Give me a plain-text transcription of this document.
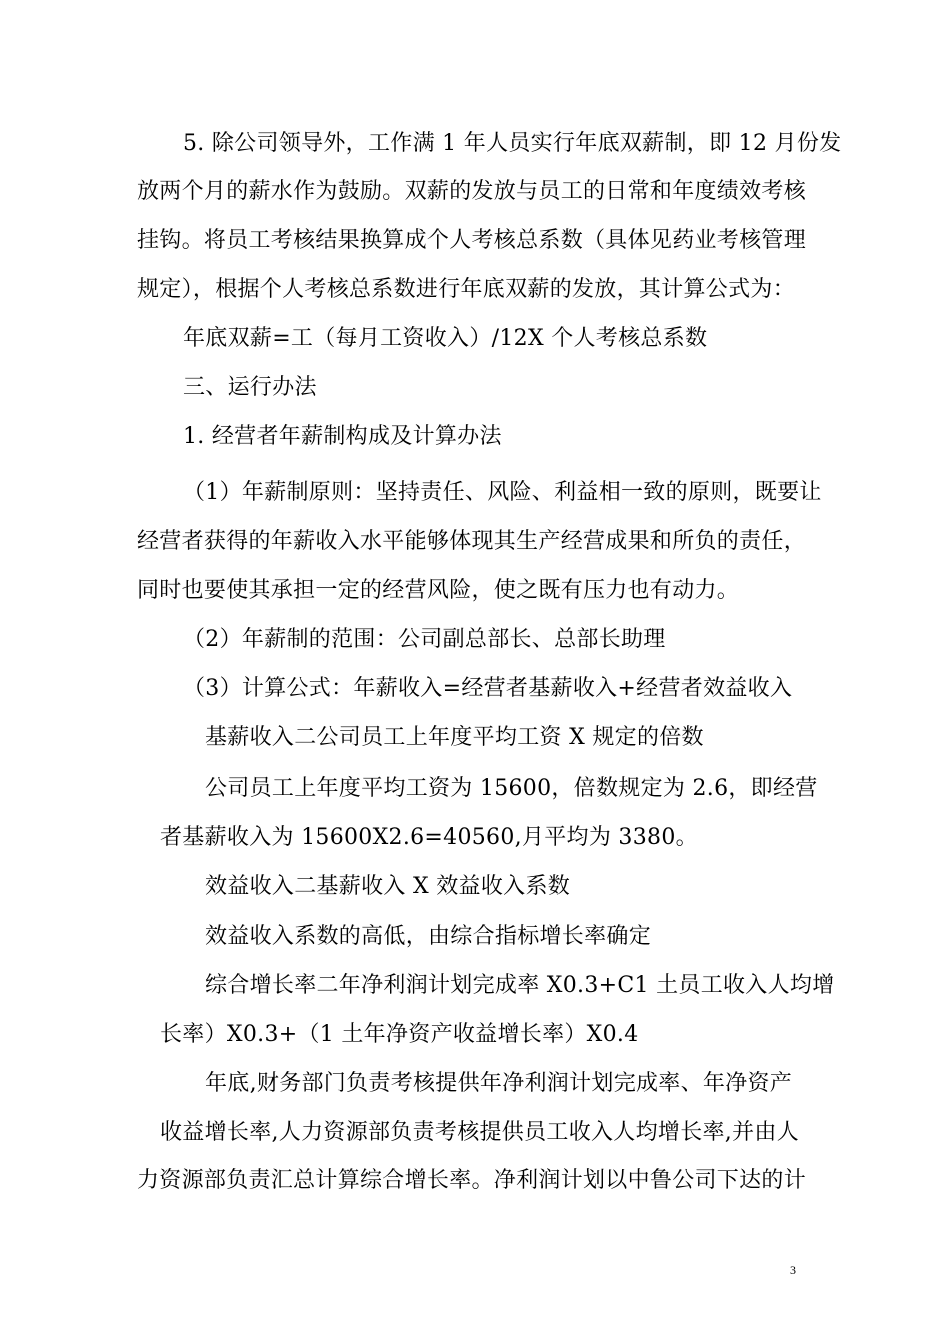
5. 除公司领导外，工作满 1 年人员实行年底双薪制，即 12 月份发
放两个月的薪水作为鼓励。双薪的发放与员工的日常和年度绩效考核
挂钩。将员工考核结果换算成个人考核总系数（具体见药业考核管理
规定），根据个人考核总系数进行年底双薪的发放，其计算公式为：
年底双薪=工（每月工资收入）/12X 个人考核总系数
三、运行办法
1. 经营者年薪制构成及计算办法
（1）年薪制原则：坚持责任、风险、利益相一致的原则，既要让
经营者获得的年薪收入水平能够体现其生产经营成果和所负的责任，
同时也要使其承担一定的经营风险，使之既有压力也有动力。
（2）年薪制的范围：公司副总部长、总部长助理
（3）计算公式：年薪收入=经营者基薪收入+经营者效益收入
基薪收入二公司员工上年度平均工资 X 规定的倍数
公司员工上年度平均工资为 15600，倍数规定为 2.6，即经营
者基薪收入为 15600X2.6=40560,月平均为 3380。
效益收入二基薪收入 X 效益收入系数
效益收入系数的高低，由综合指标增长率确定
综合增长率二年净利润计划完成率 X0.3+C1 土员工收入人均增
长率）X0.3+（1 土年净资产收益增长率）X0.4
年底,财务部门负责考核提供年净利润计划完成率、年净资产
收益增长率,人力资源部负责考核提供员工收入人均增长率,并由人
力资源部负责汇总计算综合增长率。净利润计划以中鲁公司下达的计
3
